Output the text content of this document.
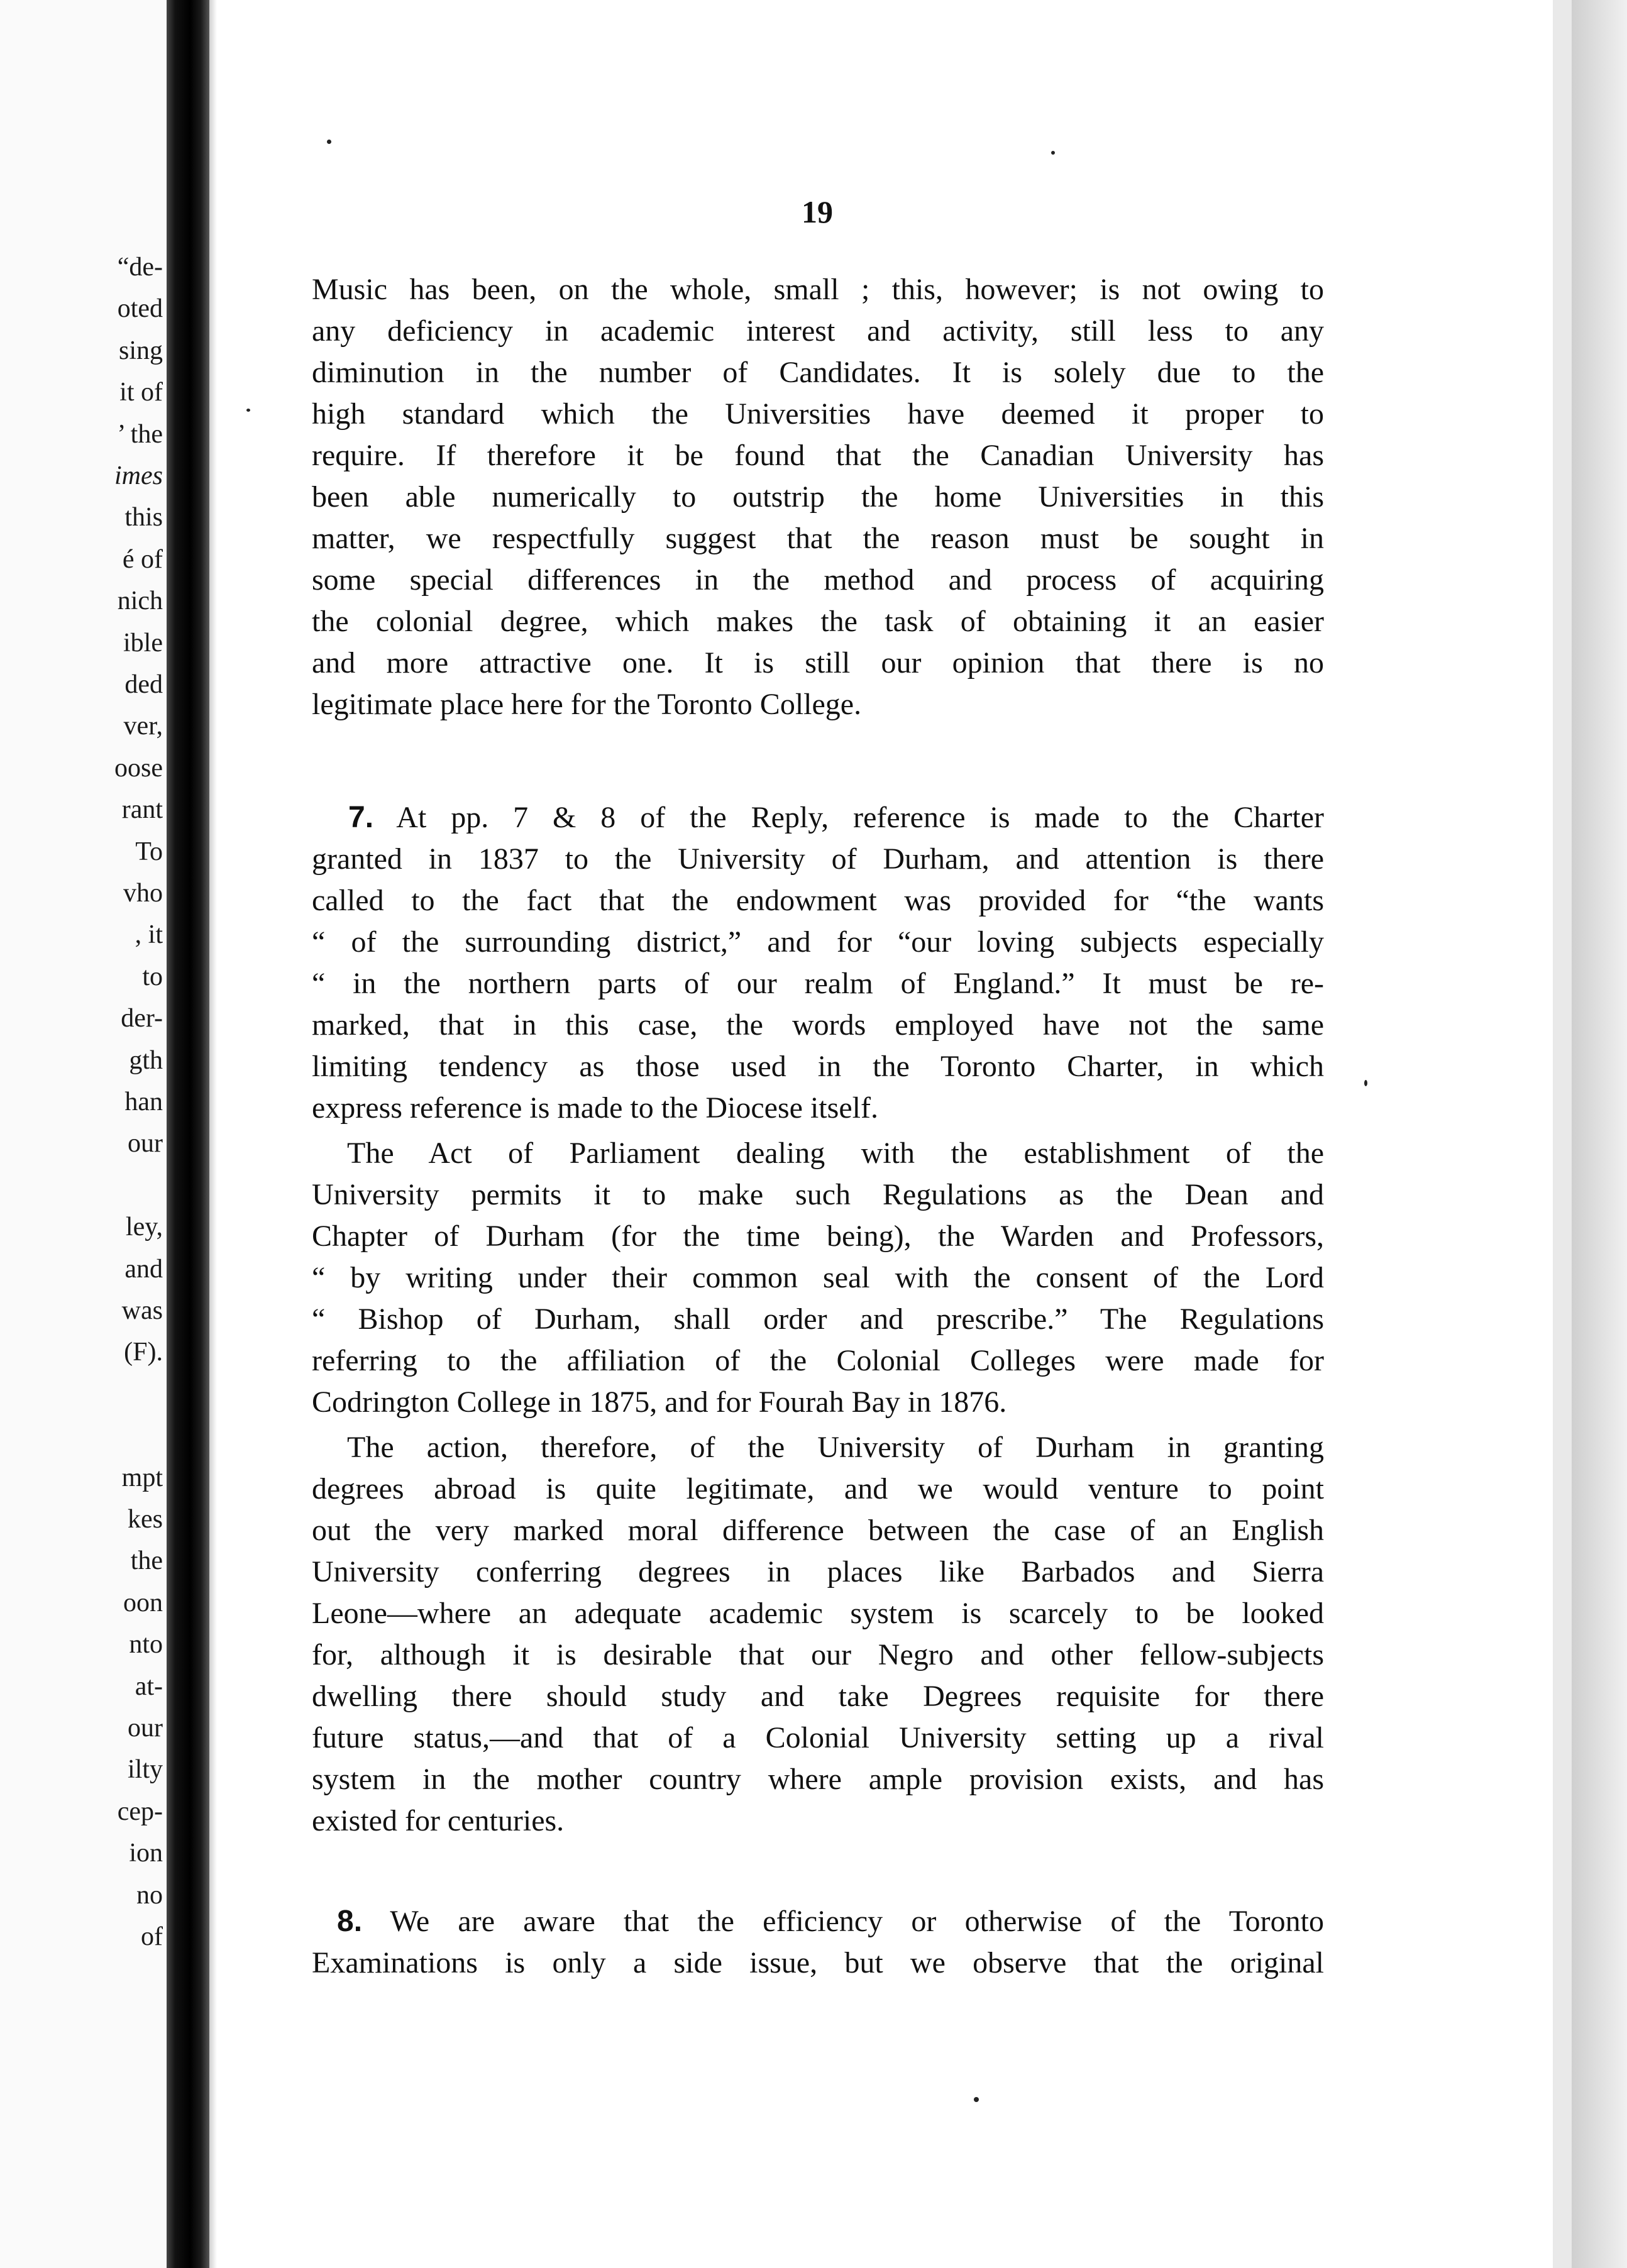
“de-
oted
sing
it of
’ the
imes
this
é of
nich
ible
ded
ver,
oose
rant
To
vho
, it
to
der-
gth
han
our
ley,
and
was
(F).
mpt
kes
the
oon
nto
at-
our
ilty
cep-
ion
no
of
19
Music has been, on the whole, small ; this, however; is not owing to
any deficiency in academic interest and activity, still less to any
diminution in the number of Candidates. It is solely due to the
high standard which the Universities have deemed it proper to
require. If therefore it be found that the Canadian University has
been able numerically to outstrip the home Universities in this
matter, we respectfully suggest that the reason must be sought in
some special differences in the method and process of acquiring
the colonial degree, which makes the task of obtaining it an easier
and more attractive one. It is still our opinion that there is no
legitimate place here for the Toronto College.
7. At pp. 7 & 8 of the Reply, reference is made to the Charter
granted in 1837 to the University of Durham, and attention is there
called to the fact that the endowment was provided for “the wants
“ of the surrounding district,” and for “our loving subjects especially
“ in the northern parts of our realm of England.” It must be re-
marked, that in this case, the words employed have not the same
limiting tendency as those used in the Toronto Charter, in which
express reference is made to the Diocese itself.
The Act of Parliament dealing with the establishment of the
University permits it to make such Regulations as the Dean and
Chapter of Durham (for the time being), the Warden and Professors,
“ by writing under their common seal with the consent of the Lord
“ Bishop of Durham, shall order and prescribe.” The Regulations
referring to the affiliation of the Colonial Colleges were made for
Codrington College in 1875, and for Fourah Bay in 1876.
The action, therefore, of the University of Durham in granting
degrees abroad is quite legitimate, and we would venture to point
out the very marked moral difference between the case of an English
University conferring degrees in places like Barbados and Sierra
Leone—where an adequate academic system is scarcely to be looked
for, although it is desirable that our Negro and other fellow-subjects
dwelling there should study and take Degrees requisite for there
future status,—and that of a Colonial University setting up a rival
system in the mother country where ample provision exists, and has
existed for centuries.
8. We are aware that the efficiency or otherwise of the Toronto
Examinations is only a side issue, but we observe that the original
